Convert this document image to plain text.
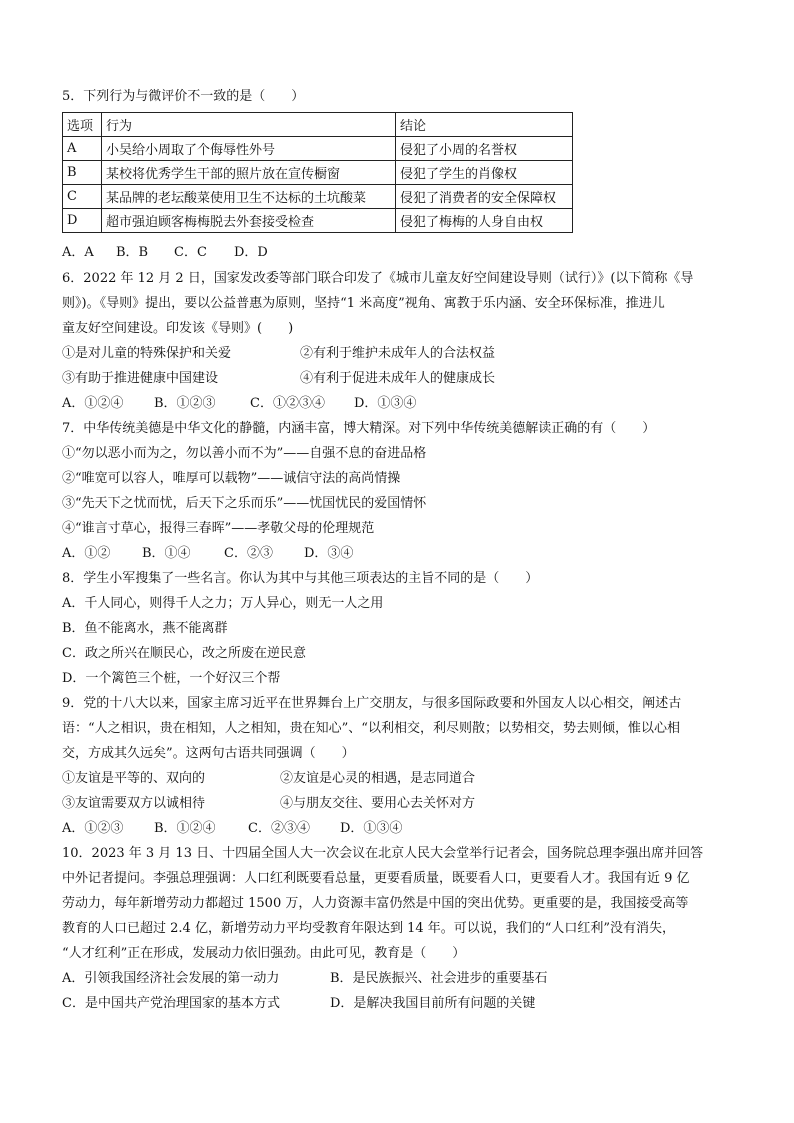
5．下列行为与微评价不一致的是（　　）
选项	行为	结论
A	小吴给小周取了个侮辱性外号	侵犯了小周的名誉权
B	某校将优秀学生干部的照片放在宣传橱窗	侵犯了学生的肖像权
C	某品牌的老坛酸菜使用卫生不达标的土坑酸菜	侵犯了消费者的安全保障权
D	超市强迫顾客梅梅脱去外套接受检查	侵犯了梅梅的人身自由权
A．A B．B C．C D．D
6．2022 年 12 月 2 日，国家发改委等部门联合印发了《城市儿童友好空间建设导则（试行）》(以下简称《导
则》)。《导则》提出，要以公益普惠为原则，坚持“1 米高度”视角、寓教于乐内涵、安全环保标准，推进儿
童友好空间建设。印发该《导则》(　　)
①是对儿童的特殊保护和关爱	②有利于维护未成年人的合法权益
③有助于推进健康中国建设	④有利于促进未成年人的健康成长
A．①②④ B．①②③	C．①②③④ D．①③④
7．中华传统美德是中华文化的静髓，内涵丰富，博大精深。对下列中华传统美德解读正确的有（　　）
①“勿以恶小而为之，勿以善小而不为”——自强不息的奋进品格
②“唯宽可以容人，唯厚可以载物”——诚信守法的高尚情操
③“先天下之忧而忧，后天下之乐而乐”——忧国忧民的爱国情怀
④“谁言寸草心，报得三春晖”——孝敬父母的伦理规范
A．①② B．①④	C．②③ D．③④
8．学生小军搜集了一些名言。你认为其中与其他三项表达的主旨不同的是（　　）
A．千人同心，则得千人之力；万人异心，则无一人之用
B．鱼不能离水，燕不能离群
C．政之所兴在顺民心，改之所废在逆民意
D．一个篱笆三个桩，一个好汉三个帮
9．党的十八大以来，国家主席习近平在世界舞台上广交朋友，与很多国际政要和外国友人以心相交，阐述古
语：“人之相识，贵在相知，人之相知，贵在知心”、“以利相交，利尽则散；以势相交，势去则倾，惟以心相
交，方成其久远矣”。这两句古语共同强调（　　）
①友谊是平等的、双向的	②友谊是心灵的相遇，是志同道合
③友谊需要双方以诚相待	④与朋友交往、要用心去关怀对方
A．①②③ B．①②④ C．②③④ D．①③④
10．2023 年 3 月 13 日、十四届全国人大一次会议在北京人民大会堂举行记者会，国务院总理李强出席并回答
中外记者提问。李强总理强调：人口红利既要看总量，更要看质量，既要看人口，更要看人才。我国有近 9 亿
劳动力，每年新增劳动力都超过 1500 万，人力资源丰富仍然是中国的突出优势。更重要的是，我国接受高等
教育的人口已超过 2.4 亿，新增劳动力平均受教育年限达到 14 年。可以说，我们的“人口红利”没有消失，
“人才红利”正在形成，发展动力依旧强劲。由此可见，教育是（　　）
A．引领我国经济社会发展的第一动力	B．是民族振兴、社会进步的重要基石
C．是中国共产党治理国家的基本方式	D．是解决我国目前所有问题的关键
